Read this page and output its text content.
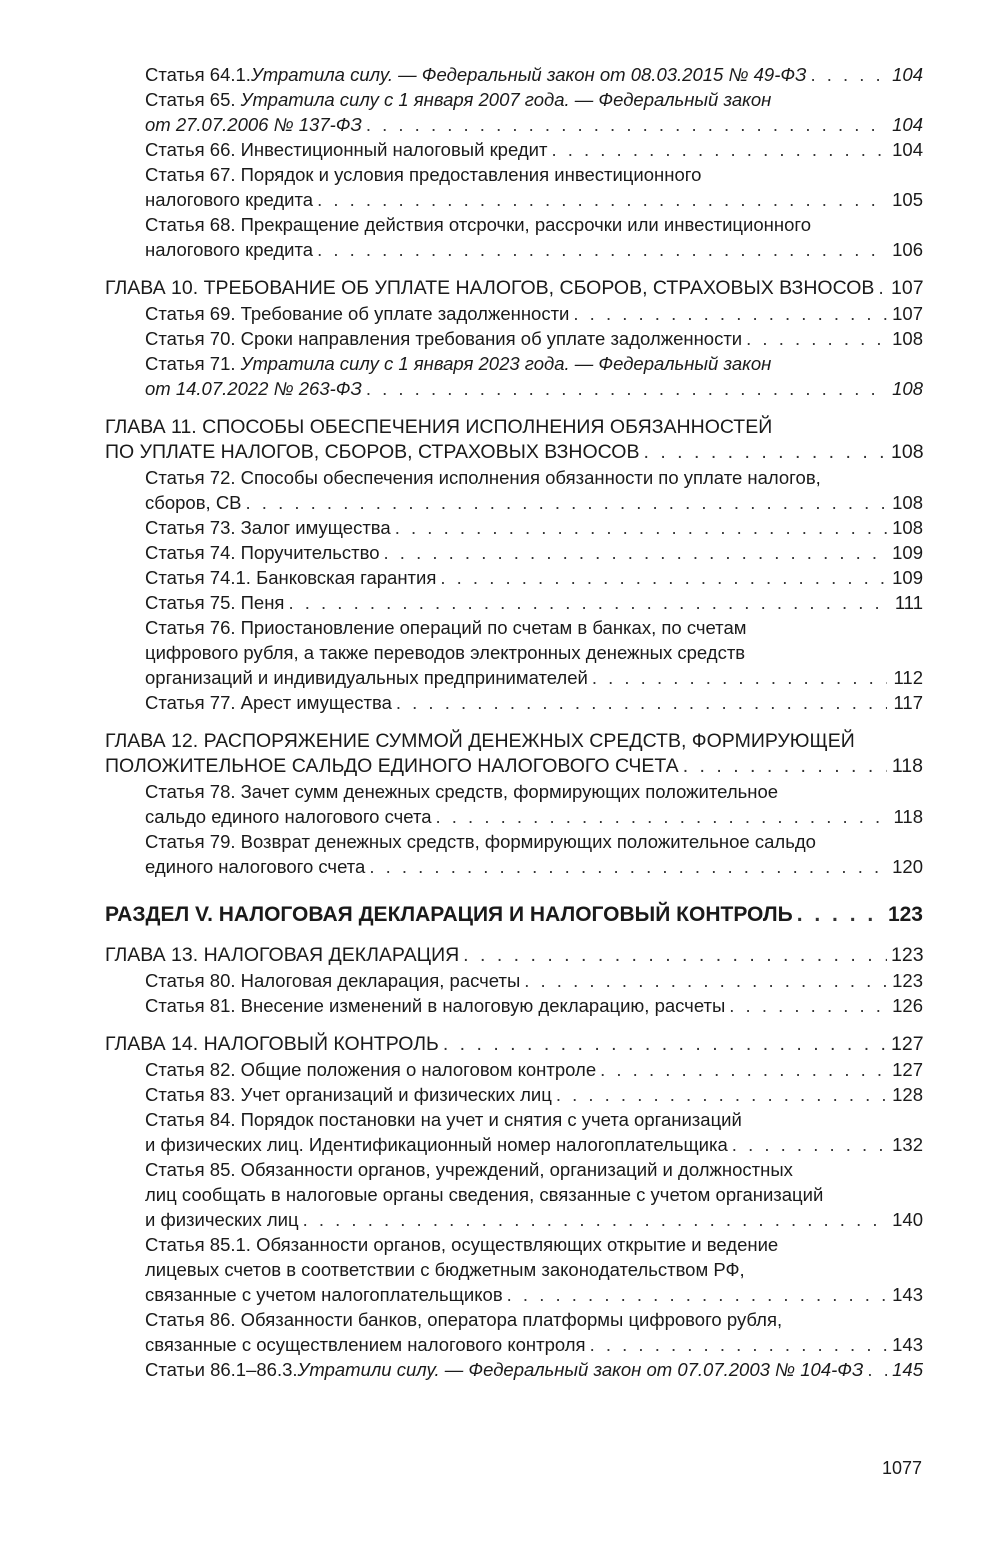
Статья 64.1. Утратила силу. — Федеральный закон от 08.03.2015 № 49-ФЗ . . .	104
Статья 65. Утратила силу с 1 января 2007 года. — Федеральный закон
от 27.07.2006 № 137-ФЗ . . .	104
Статья 66. Инвестиционный налоговый кредит . . .	104
Статья 67. Порядок и условия предоставления инвестиционного
налогового кредита . . .	105
Статья 68. Прекращение действия отсрочки, рассрочки или инвестиционного
налогового кредита . . .	106
ГЛАВА 10. ТРЕБОВАНИЕ ОБ УПЛАТЕ НАЛОГОВ, СБОРОВ, СТРАХОВЫХ ВЗНОСОВ . . . 107
Статья 69. Требование об уплате задолженности . . .	107
Статья 70. Сроки направления требования об уплате задолженности . . .	108
Статья 71. Утратила силу с 1 января 2023 года. — Федеральный закон
от 14.07.2022 № 263-ФЗ . . .	108
ГЛАВА 11. СПОСОБЫ ОБЕСПЕЧЕНИЯ ИСПОЛНЕНИЯ ОБЯЗАННОСТЕЙ
ПО УПЛАТЕ НАЛОГОВ, СБОРОВ, СТРАХОВЫХ ВЗНОСОВ . . .	108
Статья 72. Способы обеспечения исполнения обязанности по уплате налогов,
сборов, СВ . . .	108
Статья 73. Залог имущества . . .	108
Статья 74. Поручительство . . .	109
Статья 74.1. Банковская гарантия . . .	109
Статья 75. Пеня . . .	111
Статья 76. Приостановление операций по счетам в банках, по счетам
цифрового рубля, а также переводов электронных денежных средств
организаций и индивидуальных предпринимателей . . .	112
Статья 77. Арест имущества . . .	117
ГЛАВА 12. РАСПОРЯЖЕНИЕ СУММОЙ ДЕНЕЖНЫХ СРЕДСТВ, ФОРМИРУЮЩЕЙ
ПОЛОЖИТЕЛЬНОЕ САЛЬДО ЕДИНОГО НАЛОГОВОГО СЧЕТА . . .	118
Статья 78. Зачет сумм денежных средств, формирующих положительное
сальдо единого налогового счета . . .	118
Статья 79. Возврат денежных средств, формирующих положительное сальдо
единого налогового счета . . .	120
РАЗДЕЛ V. НАЛОГОВАЯ ДЕКЛАРАЦИЯ И НАЛОГОВЫЙ КОНТРОЛЬ . . .	123
ГЛАВА 13. НАЛОГОВАЯ ДЕКЛАРАЦИЯ . . .	123
Статья 80. Налоговая декларация, расчеты . . .	123
Статья 81. Внесение изменений в налоговую декларацию, расчеты . . .	126
ГЛАВА 14. НАЛОГОВЫЙ КОНТРОЛЬ . . .	127
Статья 82. Общие положения о налоговом контроле . . .	127
Статья 83. Учет организаций и физических лиц . . .	128
Статья 84. Порядок постановки на учет и снятия с учета организаций
и физических лиц. Идентификационный номер налогоплательщика . . .	132
Статья 85. Обязанности органов, учреждений, организаций и должностных
лиц сообщать в налоговые органы сведения, связанные с учетом организаций
и физических лиц . . .	140
Статья 85.1. Обязанности органов, осуществляющих открытие и ведение
лицевых счетов в соответствии с бюджетным законодательством РФ,
связанные с учетом налогоплательщиков . . .	143
Статья 86. Обязанности банков, оператора платформы цифрового рубля,
связанные с осуществлением налогового контроля . . .	143
Статьи 86.1–86.3. Утратили силу. — Федеральный закон от 07.07.2003 № 104-ФЗ . . . 145
1077
